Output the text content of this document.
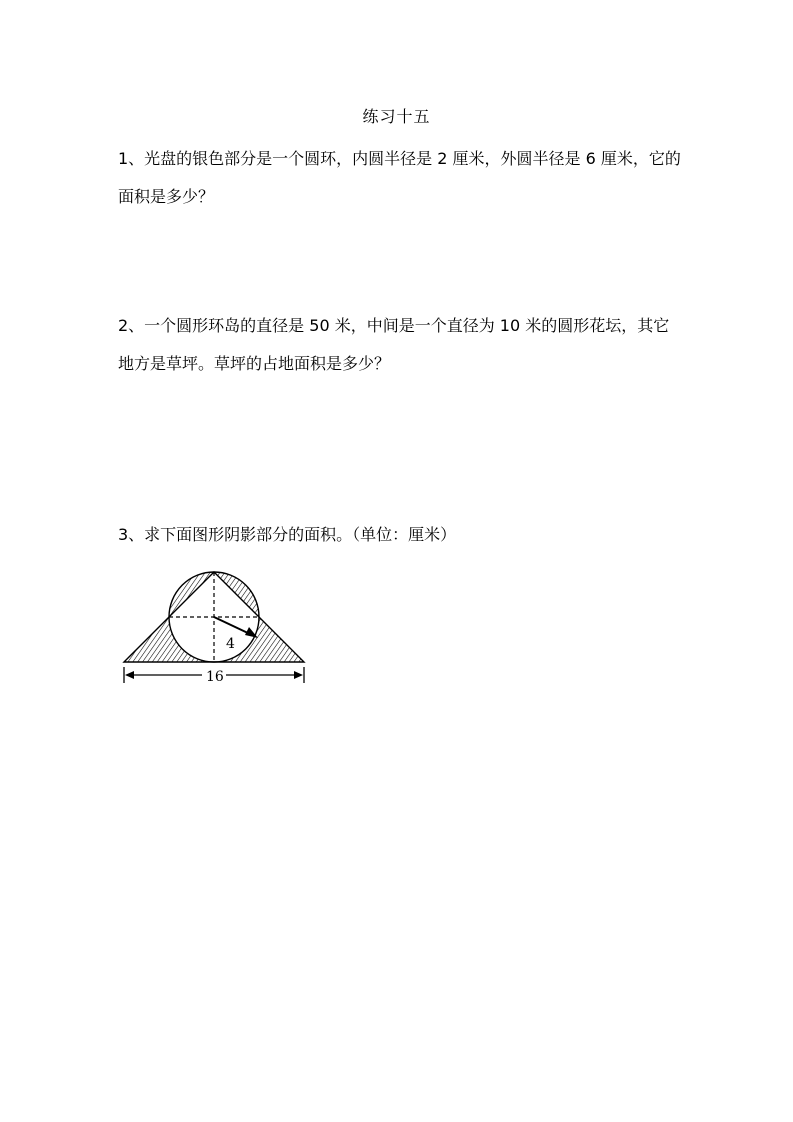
练习十五
1、光盘的银色部分是一个圆环，内圆半径是 2 厘米，外圆半径是 6 厘米，它的面积是多少？
2、一个圆形环岛的直径是 50 米，中间是一个直径为 10 米的圆形花坛，其它地方是草坪。草坪的占地面积是多少？
3、求下面图形阴影部分的面积。（单位：厘米）
4
16
